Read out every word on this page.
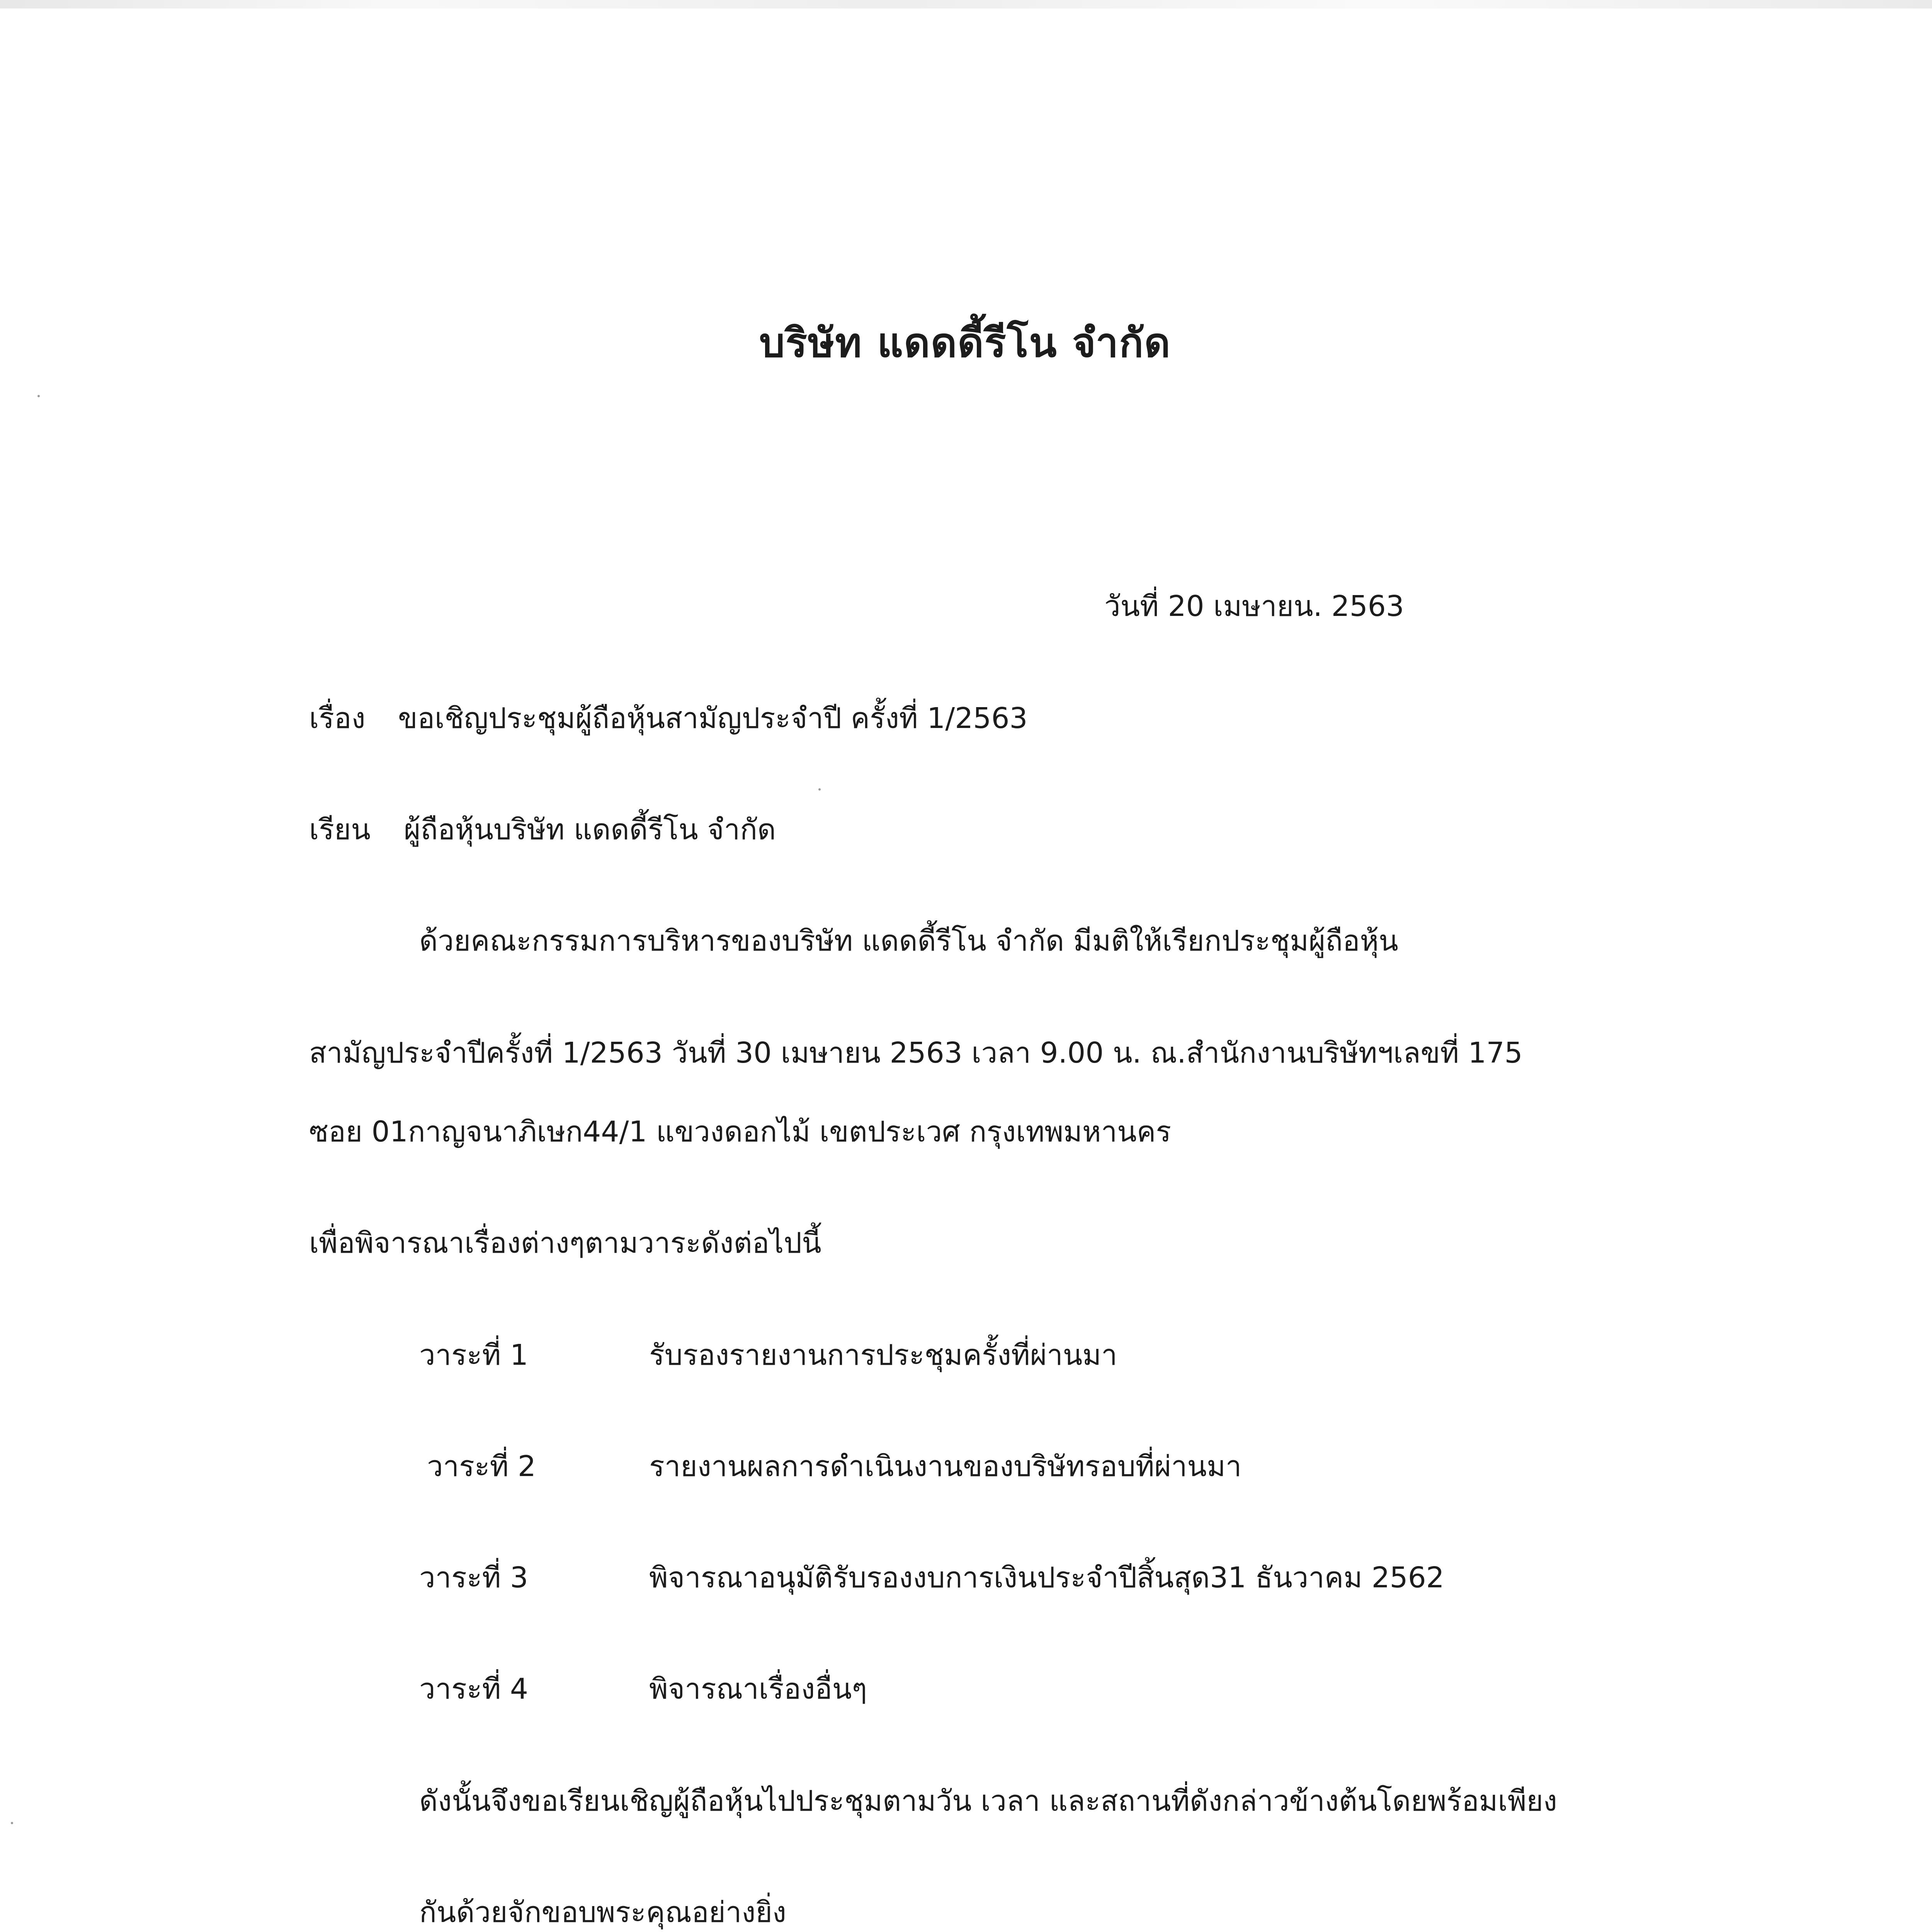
บริษัท แดดดี้รีโน จำกัด
วันที่ 20 เมษายน. 2563
เรื่อง ขอเชิญประชุมผู้ถือหุ้นสามัญประจำปี ครั้งที่ 1/2563
เรียน ผู้ถือหุ้นบริษัท แดดดี้รีโน จำกัด
ด้วยคณะกรรมการบริหารของบริษัท แดดดี้รีโน จำกัด มีมติให้เรียกประชุมผู้ถือหุ้น
สามัญประจำปีครั้งที่ 1/2563 วันที่ 30 เมษายน 2563 เวลา 9.00 น. ณ.สำนักงานบริษัทฯเลขที่ 175
ซอย 01กาญจนาภิเษก44/1 แขวงดอกไม้ เขตประเวศ กรุงเทพมหานคร
เพื่อพิจารณาเรื่องต่างๆตามวาระดังต่อไปนี้
วาระที่ 1	รับรองรายงานการประชุมครั้งที่ผ่านมา
วาระที่ 2	รายงานผลการดำเนินงานของบริษัทรอบที่ผ่านมา
วาระที่ 3	พิจารณาอนุมัติรับรองงบการเงินประจำปีสิ้นสุด31 ธันวาคม 2562
วาระที่ 4	พิจารณาเรื่องอื่นๆ
ดังนั้นจึงขอเรียนเชิญผู้ถือหุ้นไปประชุมตามวัน เวลา และสถานที่ดังกล่าวข้างต้นโดยพร้อมเพียง
กันด้วยจักขอบพระคุณอย่างยิ่ง
